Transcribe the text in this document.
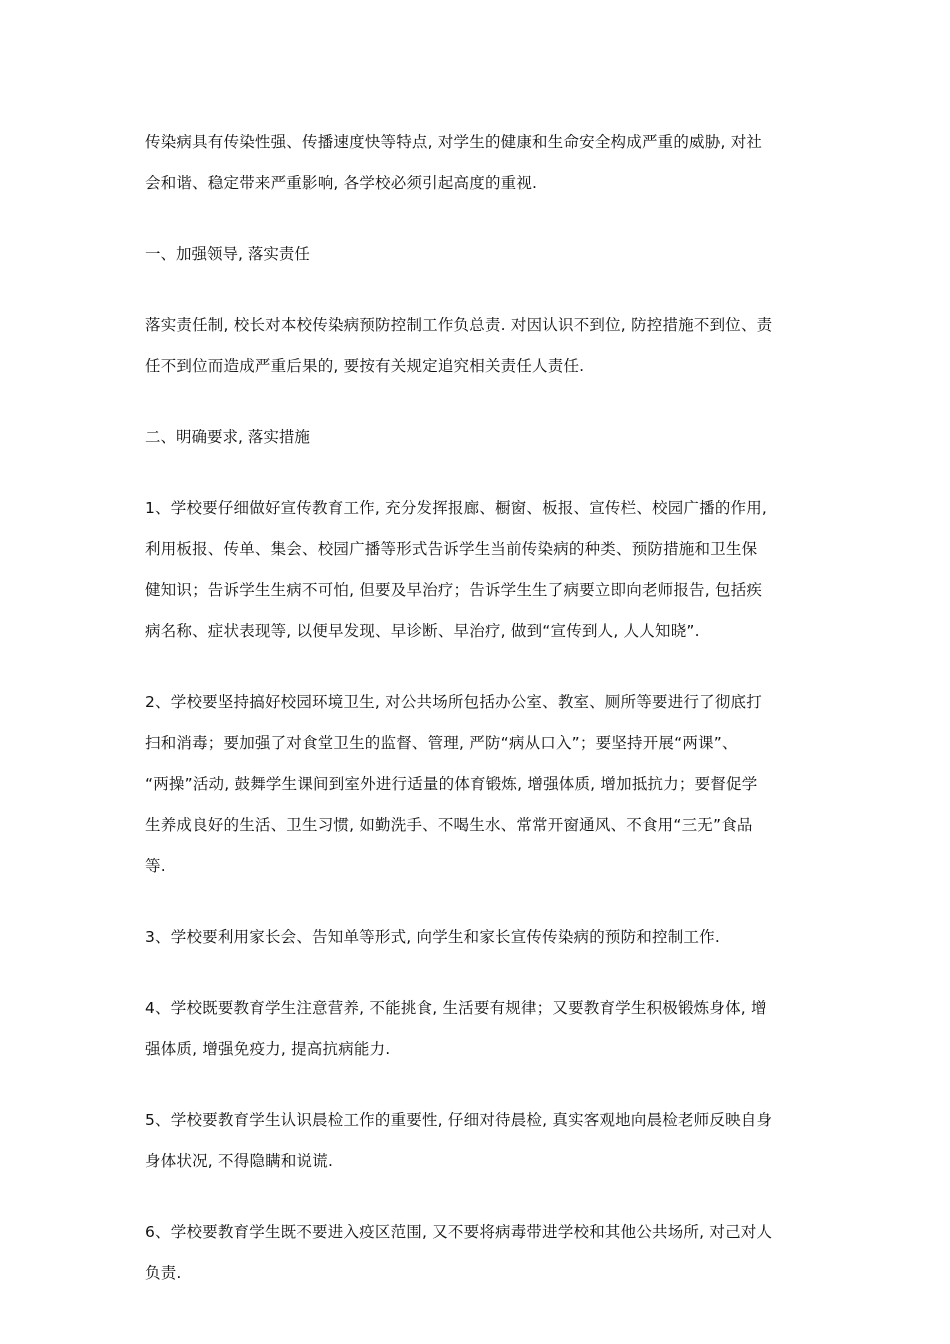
传染病具有传染性强、传播速度快等特点, 对学生的健康和生命安全构成严重的威胁, 对社
会和谐、稳定带来严重影响, 各学校必须引起高度的重视.

一、加强领导, 落实责任

落实责任制, 校长对本校传染病预防控制工作负总责. 对因认识不到位, 防控措施不到位、责
任不到位而造成严重后果的, 要按有关规定追究相关责任人责任.

二、明确要求, 落实措施

1、学校要仔细做好宣传教育工作, 充分发挥报廊、橱窗、板报、宣传栏、校园广播的作用,
利用板报、传单、集会、校园广播等形式告诉学生当前传染病的种类、预防措施和卫生保
健知识；告诉学生生病不可怕, 但要及早治疗；告诉学生生了病要立即向老师报告, 包括疾
病名称、症状表现等, 以便早发现、早诊断、早治疗, 做到“宣传到人, 人人知晓”.

2、学校要坚持搞好校园环境卫生, 对公共场所包括办公室、教室、厕所等要进行了彻底打
扫和消毒；要加强了对食堂卫生的监督、管理, 严防“病从口入”；要坚持开展“两课”、
“两操”活动, 鼓舞学生课间到室外进行适量的体育锻炼, 增强体质, 增加抵抗力；要督促学
生养成良好的生活、卫生习惯, 如勤洗手、不喝生水、常常开窗通风、不食用“三无”食品
等.

3、学校要利用家长会、告知单等形式, 向学生和家长宣传传染病的预防和控制工作.

4、学校既要教育学生注意营养, 不能挑食, 生活要有规律；又要教育学生积极锻炼身体, 增
强体质, 增强免疫力, 提高抗病能力.

5、学校要教育学生认识晨检工作的重要性, 仔细对待晨检, 真实客观地向晨检老师反映自身
身体状况, 不得隐瞒和说谎.

6、学校要教育学生既不要进入疫区范围, 又不要将病毒带进学校和其他公共场所, 对己对人
负责.
